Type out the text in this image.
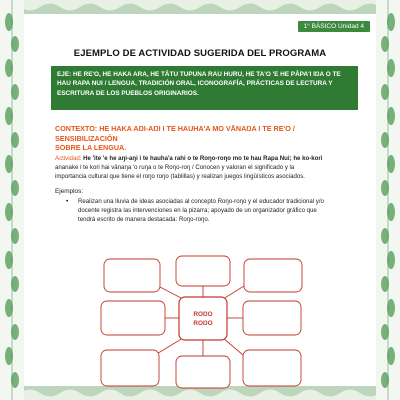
1° BÁSICO Unidad 4
EJEMPLO DE ACTIVIDAD SUGERIDA DEL PROGRAMA
EJE: HE RE'O, HE HAKA ARA, HE TĀTU TUPUNA RAU HURU, HE TA'O 'E HE PĀPA'I IŊA O TE
HAU RAPA NUI / LENGUA, TRADICIÓN ORAL, ICONOGRAFÍA, PRÁCTICAS DE LECTURA Y
ESCRITURA DE LOS PUEBLOS ORIGINARIOS.
CONTEXTO: HE HAKA AŊI-AŊI I TE HAUHA'A MO VĀNAŊA I TE RE'O / SENSIBILIZACIÓN
SOBRE LA LENGUA.
Actividad: He 'ite 'e he aŋi-aŋi i te hauha'a rahi o te Roŋo-roŋo mo te hau Rapa Nui; he ko-kori
ananake i te kori hai vānaŋa 'o ruŋa o te Roŋo-roŋ / Conocen y valoran el significado y la
importancia cultural que tiene el roŋo roŋo (tablillas) y realizan juegos lingüísticos asociados.
Ejemplos:
• Realizan una lluvia de ideas asociadas al concepto Roŋo-roŋo y el educador tradicional y/o
docente registra las intervenciones en la pizarra; apoyado de un organizador gráfico que
tendrá escrito de manera destacada: Roŋo-roŋo.
ROŊO
ROŊO
